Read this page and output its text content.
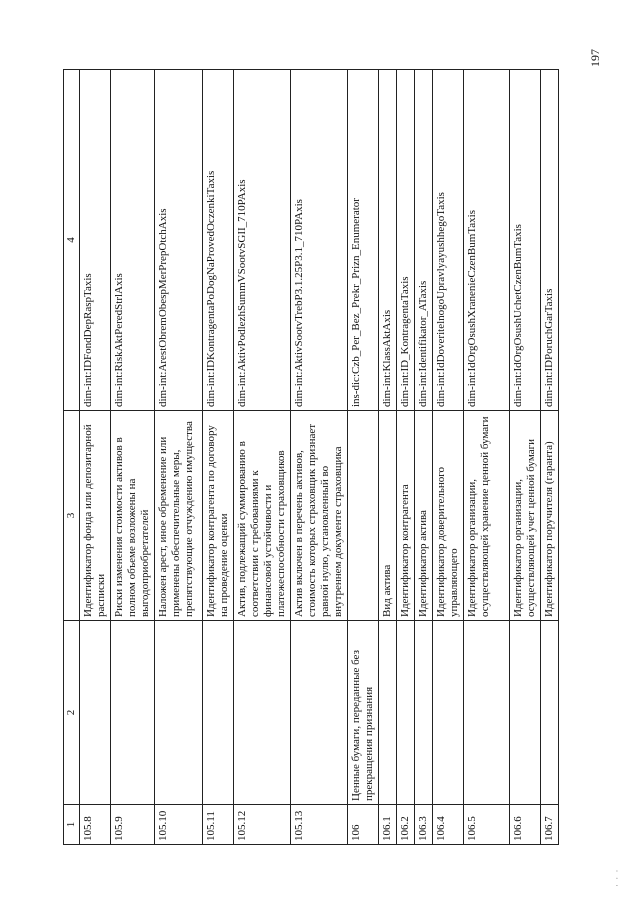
1	2	3	4
105.8		Идентификатор фонда или депозитарной расписки	dim-int:IDFondDepRaspTaxis
105.9		Риски изменения стоимости активов в полном объеме возложены на выгодоприобретателей	dim-int:RiskAktPeredStrlAxis
105.10		Наложен арест, иное обременение или применены обеспечительные меры, препятствующие отчуждению имущества	dim-int:ArestObremObespMerPrepOtchAxis
105.11		Идентификатор контрагента по договору на проведение оценки	dim-int:IDKontragentaPoDogNaProvedOczenkiTaxis
105.12		Актив, подлежащий суммированию в соответствии с требованиями к финансовой устойчивости и платежеспособности страховщиков	dim-int:AktivPodlezhSummVSootvSGII_710PAxis
105.13		Актив включен в перечень активов, стоимость которых страховщик признает равной нулю, установленный во внутреннем документе страховщика	dim-int:AktivSootvTrebP3.1.25P3.1_710PAxis
106	Ценные бумаги, переданные без прекращения признания		ins-dic:Czb_Per_Bez_Prekr_Prizn_Enumerator
106.1		Вид актива	dim-int:KlassAktAxis
106.2		Идентификатор контрагента	dim-int:ID_KontragentaTaxis
106.3		Идентификатор актива	dim-int:Identifikator_ATaxis
106.4		Идентификатор доверительного управляющего	dim-int:IdDoveritelnogoUpravlyayushhegoTaxis
106.5		Идентификатор организации, осуществляющей хранение ценной бумаги	dim-int:IdOrgOsushXranenieCzenBumTaxis
106.6		Идентификатор организации, осуществляющей учет ценной бумаги	dim-int:IdOrgOsushUchetCzenBumTaxis
106.7		Идентификатор поручителя (гаранта)	dim-int:IDPoruchGarTaxis
197
· · ·
